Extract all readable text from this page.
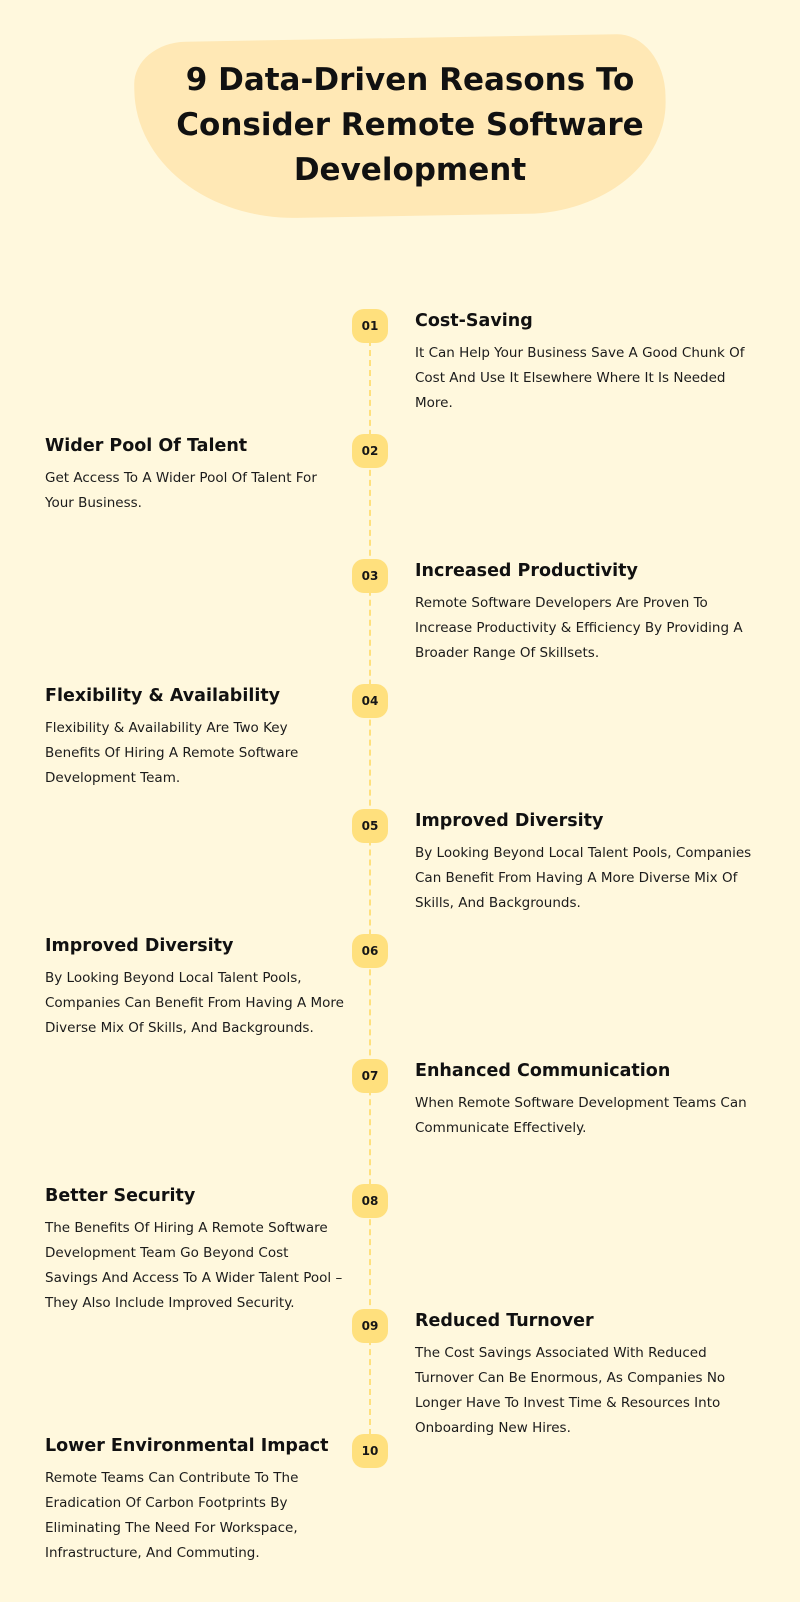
9 Data-Driven Reasons To Consider Remote Software Development
01	Cost-Saving

It Can Help Your Business Save A Good Chunk Of Cost And Use It Elsewhere Where It Is Needed More.

02
Wider Pool Of Talent

Get Access To A Wider Pool Of Talent For Your Business.

03	Increased Productivity

Remote Software Developers Are Proven To Increase Productivity & Efficiency By Providing A Broader Range Of Skillsets.

04
Flexibility & Availability

Flexibility & Availability Are Two Key Benefits Of Hiring A Remote Software Development Team.

05	Improved Diversity

By Looking Beyond Local Talent Pools, Companies Can Benefit From Having A More Diverse Mix Of Skills, And Backgrounds.

06
Improved Diversity

By Looking Beyond Local Talent Pools, Companies Can Benefit From Having A More Diverse Mix Of Skills, And Backgrounds.

07	Enhanced Communication

When Remote Software Development Teams Can Communicate Effectively.

08
Better Security

The Benefits Of Hiring A Remote Software Development Team Go Beyond Cost Savings And Access To A Wider Talent Pool – They Also Include Improved Security.

09	Reduced Turnover

The Cost Savings Associated With Reduced Turnover Can Be Enormous, As Companies No Longer Have To Invest Time & Resources Into Onboarding New Hires.

10
Lower Environmental Impact

Remote Teams Can Contribute To The Eradication Of Carbon Footprints By Eliminating The Need For Workspace, Infrastructure, And Commuting.
